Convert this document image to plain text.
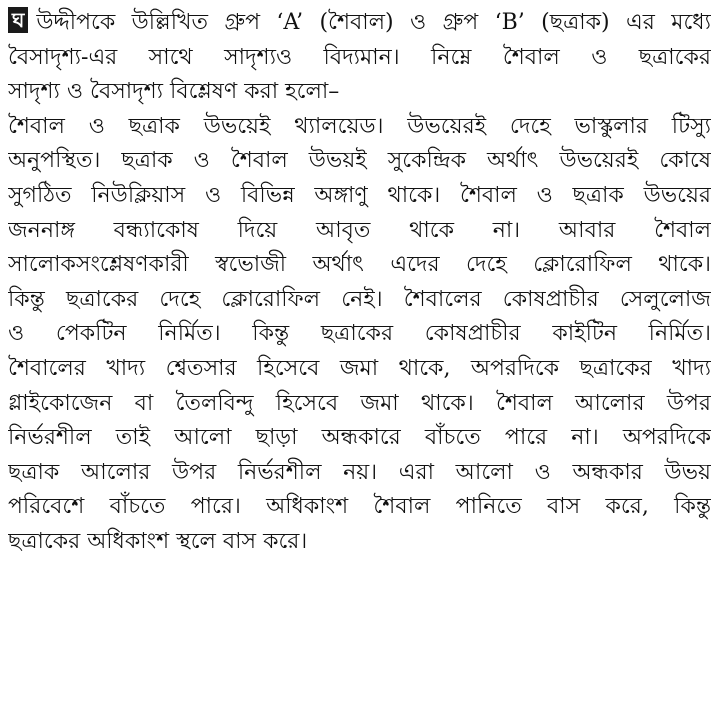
ঘ উদ্দীপকে উল্লিখিত গ্রুপ ‘A’ (শৈবাল) ও গ্রুপ ‘B’ (ছত্রাক) এর মধ্যে
বৈসাদৃশ্য-এর সাথে সাদৃশ্যও বিদ্যমান। নিম্নে শৈবাল ও ছত্রাকের
সাদৃশ্য ও বৈসাদৃশ্য বিশ্লেষণ করা হলো–
শৈবাল ও ছত্রাক উভয়েই থ্যালয়েড। উভয়েরই দেহে ভাস্কুলার টিস্যু
অনুপস্থিত। ছত্রাক ও শৈবাল উভয়ই সুকেন্দ্রিক অর্থাৎ উভয়েরই কোষে
সুগঠিত নিউক্লিয়াস ও বিভিন্ন অঙ্গাণু থাকে। শৈবাল ও ছত্রাক উভয়ের
জননাঙ্গ বন্ধ্যাকোষ দিয়ে আবৃত থাকে না। আবার শৈবাল
সালোকসংশ্লেষণকারী স্বভোজী অর্থাৎ এদের দেহে ক্লোরোফিল থাকে।
কিন্তু ছত্রাকের দেহে ক্লোরোফিল নেই। শৈবালের কোষপ্রাচীর সেলুলোজ
ও পেকটিন নির্মিত। কিন্তু ছত্রাকের কোষপ্রাচীর কাইটিন নির্মিত।
শৈবালের খাদ্য শ্বেতসার হিসেবে জমা থাকে, অপরদিকে ছত্রাকের খাদ্য
গ্লাইকোজেন বা তৈলবিন্দু হিসেবে জমা থাকে। শৈবাল আলোর উপর
নির্ভরশীল তাই আলো ছাড়া অন্ধকারে বাঁচতে পারে না। অপরদিকে
ছত্রাক আলোর উপর নির্ভরশীল নয়। এরা আলো ও অন্ধকার উভয়
পরিবেশে বাঁচতে পারে। অধিকাংশ শৈবাল পানিতে বাস করে, কিন্তু
ছত্রাকের অধিকাংশ স্থলে বাস করে।
